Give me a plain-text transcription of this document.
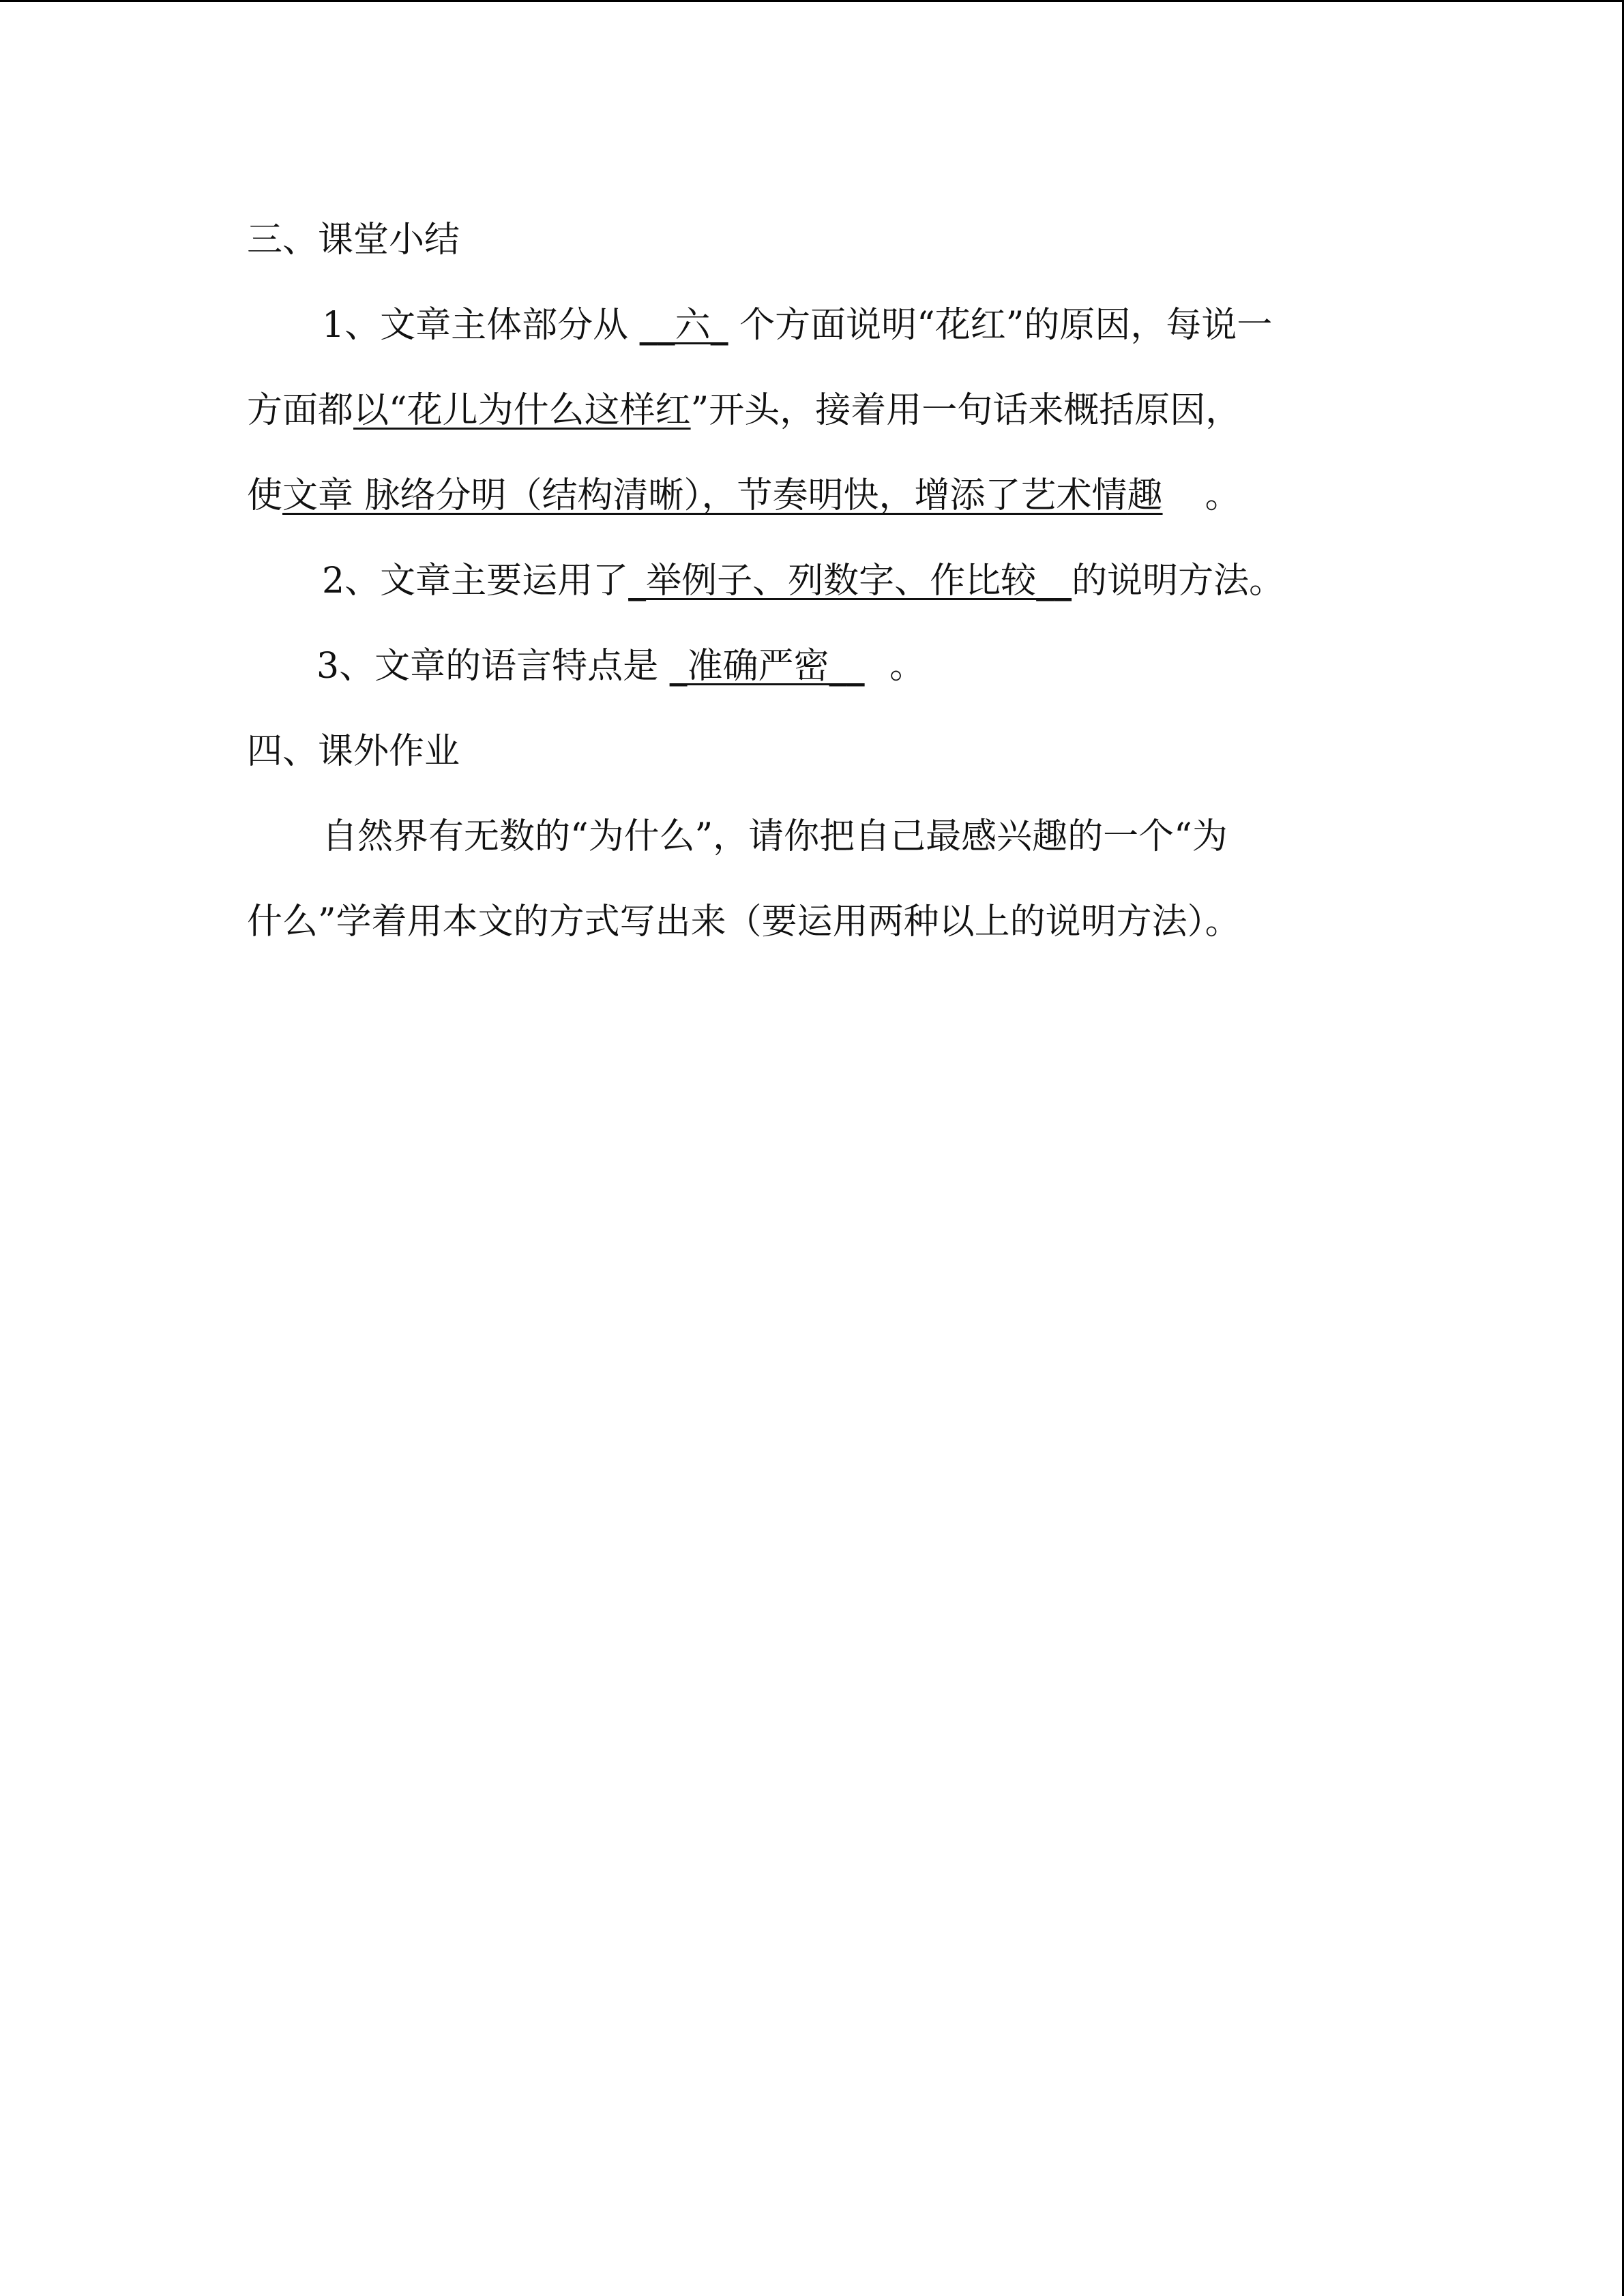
三、课堂小结
1、文章主体部分从 __六_ 个方面说明“花红”的原因，每说一
方面都以“花儿为什么这样红”开头，接着用一句话来概括原因，
使文章 脉络分明（结构清晰），节奏明快，增添了艺术情趣 。
2、文章主要运用了_举例子、列数字、作比较__的说明方法。
3、文章的语言特点是 _准确严密__ 。
四、课外作业
自然界有无数的“为什么”，请你把自己最感兴趣的一个“为
什么”学着用本文的方式写出来（要运用两种以上的说明方法）。
